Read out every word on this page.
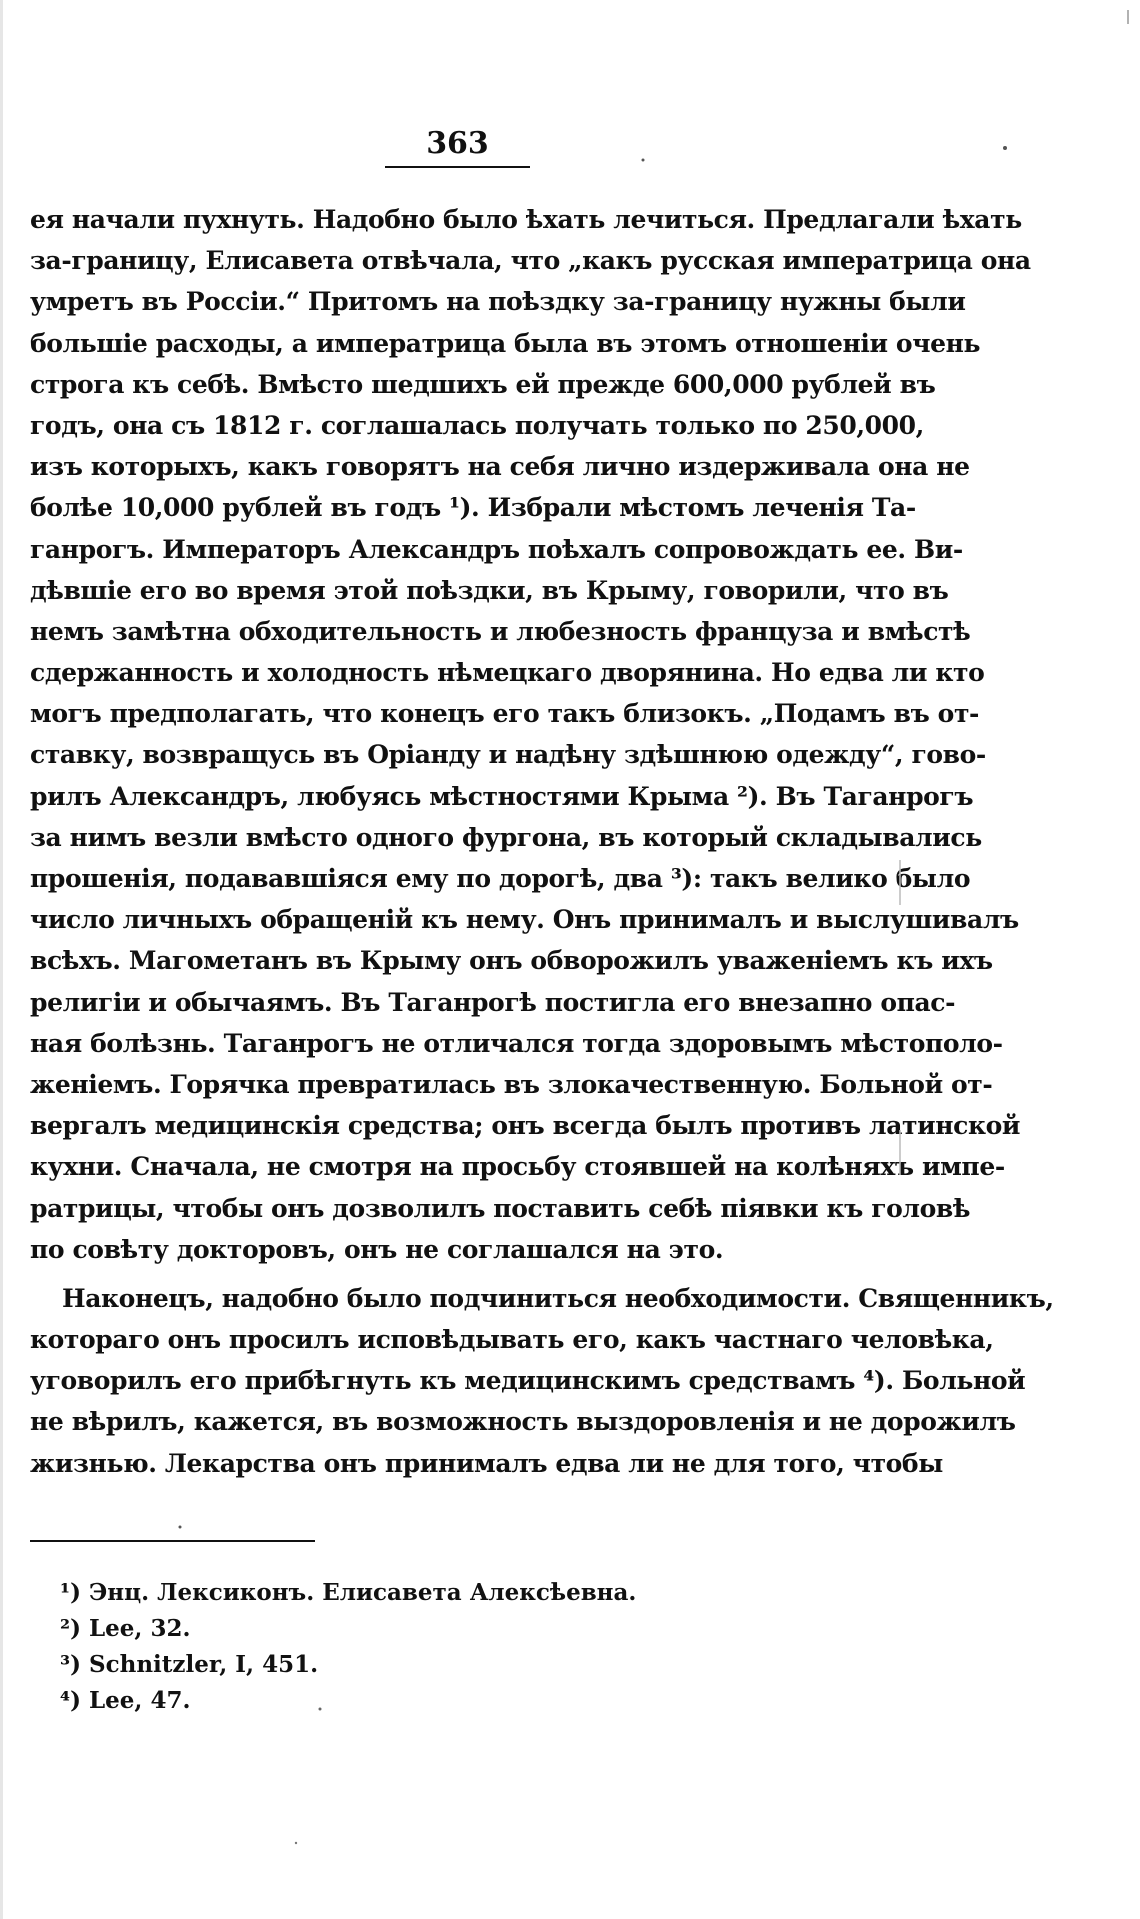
363
ея начали пухнуть. Надобно было ѣхать лечиться. Предлагали ѣхать
за-границу, Елисавета отвѣчала, что „какъ русская императрица она
умретъ въ Россіи.“ Притомъ на поѣздку за-границу нужны были
большіе расходы, а императрица была въ этомъ отношеніи очень
строга къ себѣ. Вмѣсто шедшихъ ей прежде 600,000 рублей въ
годъ, она съ 1812 г. соглашалась получать только по 250,000,
изъ которыхъ, какъ говорятъ на себя лично издерживала она не
болѣе 10,000 рублей въ годъ ¹). Избрали мѣстомъ леченія Та-
ганрогъ. Императоръ Александръ поѣхалъ сопровождать ее. Ви-
дѣвшіе его во время этой поѣздки, въ Крыму, говорили, что въ
немъ замѣтна обходительность и любезность француза и вмѣстѣ
сдержанность и холодность нѣмецкаго дворянина. Но едва ли кто
могъ предполагать, что конецъ его такъ близокъ. „Подамъ въ от-
ставку, возвращусь въ Оріанду и надѣну здѣшнюю одежду“, гово-
рилъ Александръ, любуясь мѣстностями Крыма ²). Въ Таганрогъ
за нимъ везли вмѣсто одного фургона, въ который складывались
прошенія, подававшіяся ему по дорогѣ, два ³): такъ велико было
число личныхъ обращеній къ нему. Онъ принималъ и выслушивалъ
всѣхъ. Магометанъ въ Крыму онъ обворожилъ уваженіемъ къ ихъ
религіи и обычаямъ. Въ Таганрогѣ постигла его внезапно опас-
ная болѣзнь. Таганрогъ не отличался тогда здоровымъ мѣстополо-
женіемъ. Горячка превратилась въ злокачественную. Больной от-
вергалъ медицинскія средства; онъ всегда былъ противъ латинской
кухни. Сначала, не смотря на просьбу стоявшей на колѣняхъ импе-
ратрицы, чтобы онъ дозволилъ поставить себѣ піявки къ головѣ
по совѣту докторовъ, онъ не соглашался на это.
Наконецъ, надобно было подчиниться необходимости. Священникъ,
котораго онъ просилъ исповѣдывать его, какъ частнаго человѣка,
уговорилъ его прибѣгнуть къ медицинскимъ средствамъ ⁴). Больной
не вѣрилъ, кажется, въ возможность выздоровленія и не дорожилъ
жизнью. Лекарства онъ принималъ едва ли не для того, чтобы
¹) Энц. Лексиконъ. Елисавета Алексѣевна.
²) Lee, 32.
³) Schnitzler, I, 451.
⁴) Lee, 47.
